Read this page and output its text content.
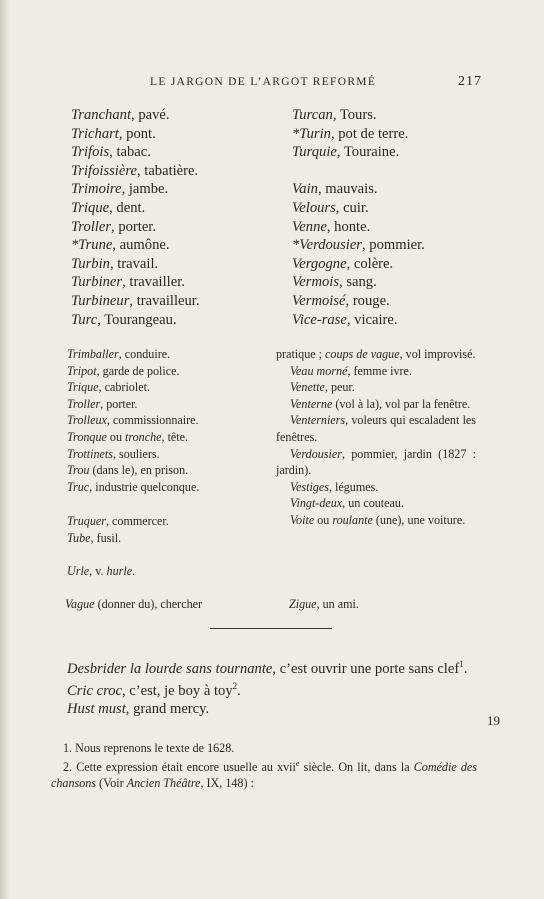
LE JARGON DE L’ARGOT REFORMÉ	217
Tranchant, pavé.
Trichart, pont.
Trifois, tabac.
Trifoissière, tabatière.
Trimoire, jambe.
Trique, dent.
Troller, porter.
*Trune, aumône.
Turbin, travail.
Turbiner, travailler.
Turbineur, travailleur.
Turc, Tourangeau.
Turcan, Tours.
*Turin, pot de terre.
Turquie, Touraine.
Vain, mauvais.
Velours, cuir.
Venne, honte.
*Verdousier, pommier.
Vergogne, colère.
Vermois, sang.
Vermoisé, rouge.
Vice-rase, vicaire.
Trimballer, conduire.
Tripot, garde de police.
Trique, cabriolet.
Troller, porter.
Trolleux, commissionnaire.
Tronque ou tronche, tête.
Trottinets, souliers.
Trou (dans le), en prison.
Truc, industrie quelconque.
Truquer, commercer.
Tube, fusil.
Urle, v. hurle.
Vague (donner du), chercher
pratique ; coups de vague, vol improvisé.
Veau morné, femme ivre.
Venette, peur.
Venterne (vol à la), vol par la fenêtre.
Venterniers, voleurs qui escaladent les fenêtres.
Verdousier, pommier, jardin (1827 : jardin).
Vestiges, légumes.
Vingt-deux, un couteau.
Voite ou roulante (une), une voiture.
Zigue, un ami.

Desbrider la lourde sans tournante, c’est ouvrir une porte sans clef$^1$.

Cric croc, c’est, je boy à toy$^2$.

Hust must, grand mercy.

19

1. Nous reprenons le texte de 1628.

2. Cette expression était encore usuelle au xvii$^e$ siècle. On lit, dans la Comédie des chansons (Voir Ancien Théâtre, IX, 148) :
